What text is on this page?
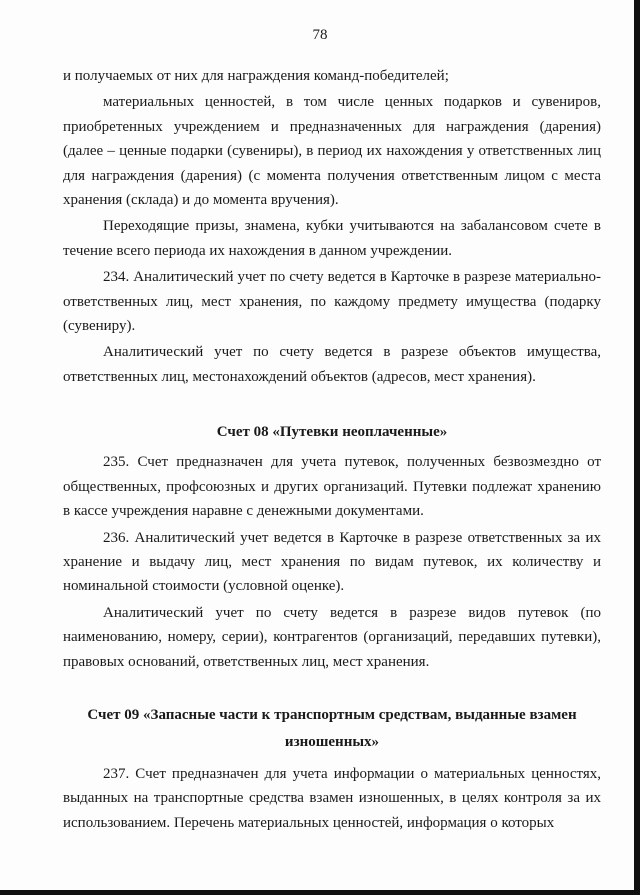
78

и получаемых от них для награждения команд-победителей;

материальных ценностей, в том числе ценных подарков и сувениров, приобретенных учреждением и предназначенных для награждения (дарения) (далее – ценные подарки (сувениры), в период их нахождения у ответственных лиц для награждения (дарения) (с момента получения ответственным лицом с места хранения (склада) и до момента вручения).

Переходящие призы, знамена, кубки учитываются на забалансовом счете в течение всего периода их нахождения в данном учреждении.

234. Аналитический учет по счету ведется в Карточке в разрезе материально-ответственных лиц, мест хранения, по каждому предмету имущества (подарку (сувениру).

Аналитический учет по счету ведется в разрезе объектов имущества, ответственных лиц, местонахождений объектов (адресов, мест хранения).

Счет 08 «Путевки неоплаченные»

235. Счет предназначен для учета путевок, полученных безвозмездно от общественных, профсоюзных и других организаций. Путевки подлежат хранению в кассе учреждения наравне с денежными документами.

236. Аналитический учет ведется в Карточке в разрезе ответственных за их хранение и выдачу лиц, мест хранения по видам путевок, их количеству и номинальной стоимости (условной оценке).

Аналитический учет по счету ведется в разрезе видов путевок (по наименованию, номеру, серии), контрагентов (организаций, передавших путевки), правовых оснований, ответственных лиц, мест хранения.

Счет 09 «Запасные части к транспортным средствам, выданные взамен изношенных»

237. Счет предназначен для учета информации о материальных ценностях, выданных на транспортные средства взамен изношенных, в целях контроля за их использованием. Перечень материальных ценностей, информация о которых
